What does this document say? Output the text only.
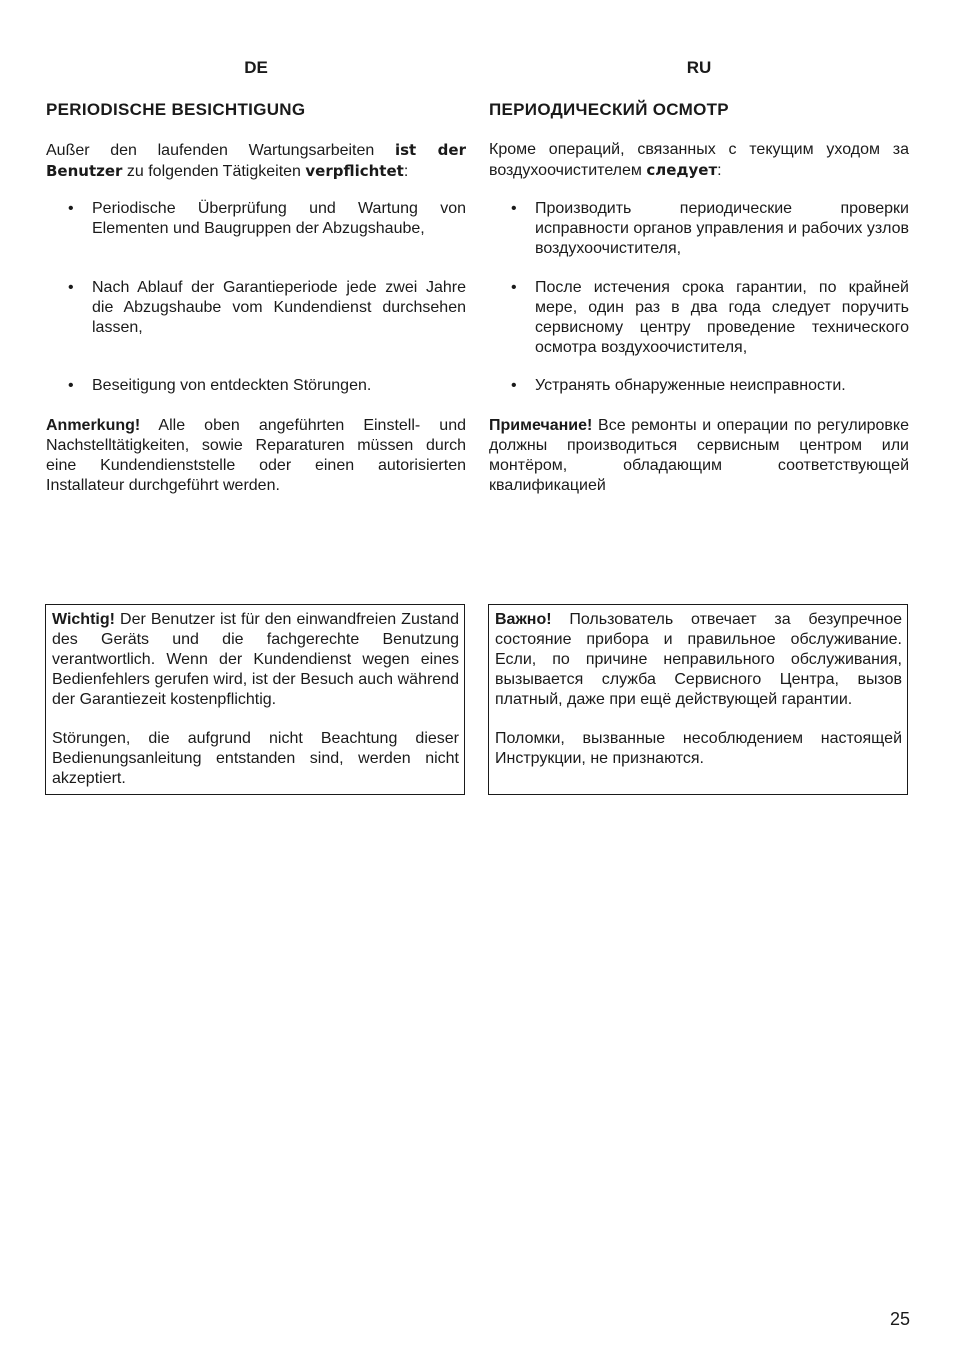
DE
PERIODISCHE BESICHTIGUNG
Außer den laufenden Wartungsarbeiten ist der Benutzer zu folgenden Tätigkeiten verpflichtet:
• Periodische Überprüfung und Wartung von Elementen und Baugruppen der Abzugshaube,
• Nach Ablauf der Garantieperiode jede zwei Jahre die Abzugshaube vom Kundendienst durchsehen lassen,
• Beseitigung von entdeckten Störungen.
Anmerkung! Alle oben angeführten Einstell- und Nachstelltätigkeiten, sowie Reparaturen müssen durch eine Kundendienststelle oder einen autorisierten Installateur durchgeführt werden.
RU
ПЕРИОДИЧЕСКИЙ ОСМОТР
Кроме операций, связанных с текущим уходом за воздухоочистителем следует:
• Производить периодические проверки исправности органов управления и рабочих узлов воздухоочистителя,
• После истечения срока гарантии, по крайней мере, один раз в два года следует поручить сервисному центру проведение технического осмотра воздухоочистителя,
• Устранять обнаруженные неисправности.
Примечание! Все ремонты и операции по регулировке должны производиться сервисным центром или монтёром, обладающим соответствующей квалификацией

Wichtig! Der Benutzer ist für den einwandfreien Zustand des Geräts und die fachgerechte Benutzung verantwortlich. Wenn der Kundendienst wegen eines Bedienfehlers gerufen wird, ist der Besuch auch während der Garantiezeit kostenpflichtig.

Störungen, die aufgrund nicht Beachtung dieser Bedienungsanleitung entstanden sind, werden nicht akzeptiert.

Важно! Пользователь отвечает за безупречное состояние прибора и правильное обслуживание. Если, по причине неправильного обслуживания, вызывается служба Сервисного Центра, вызов платный, даже при ещё действующей гарантии.

Поломки, вызванные несоблюдением настоящей Инструкции, не признаются.

25
